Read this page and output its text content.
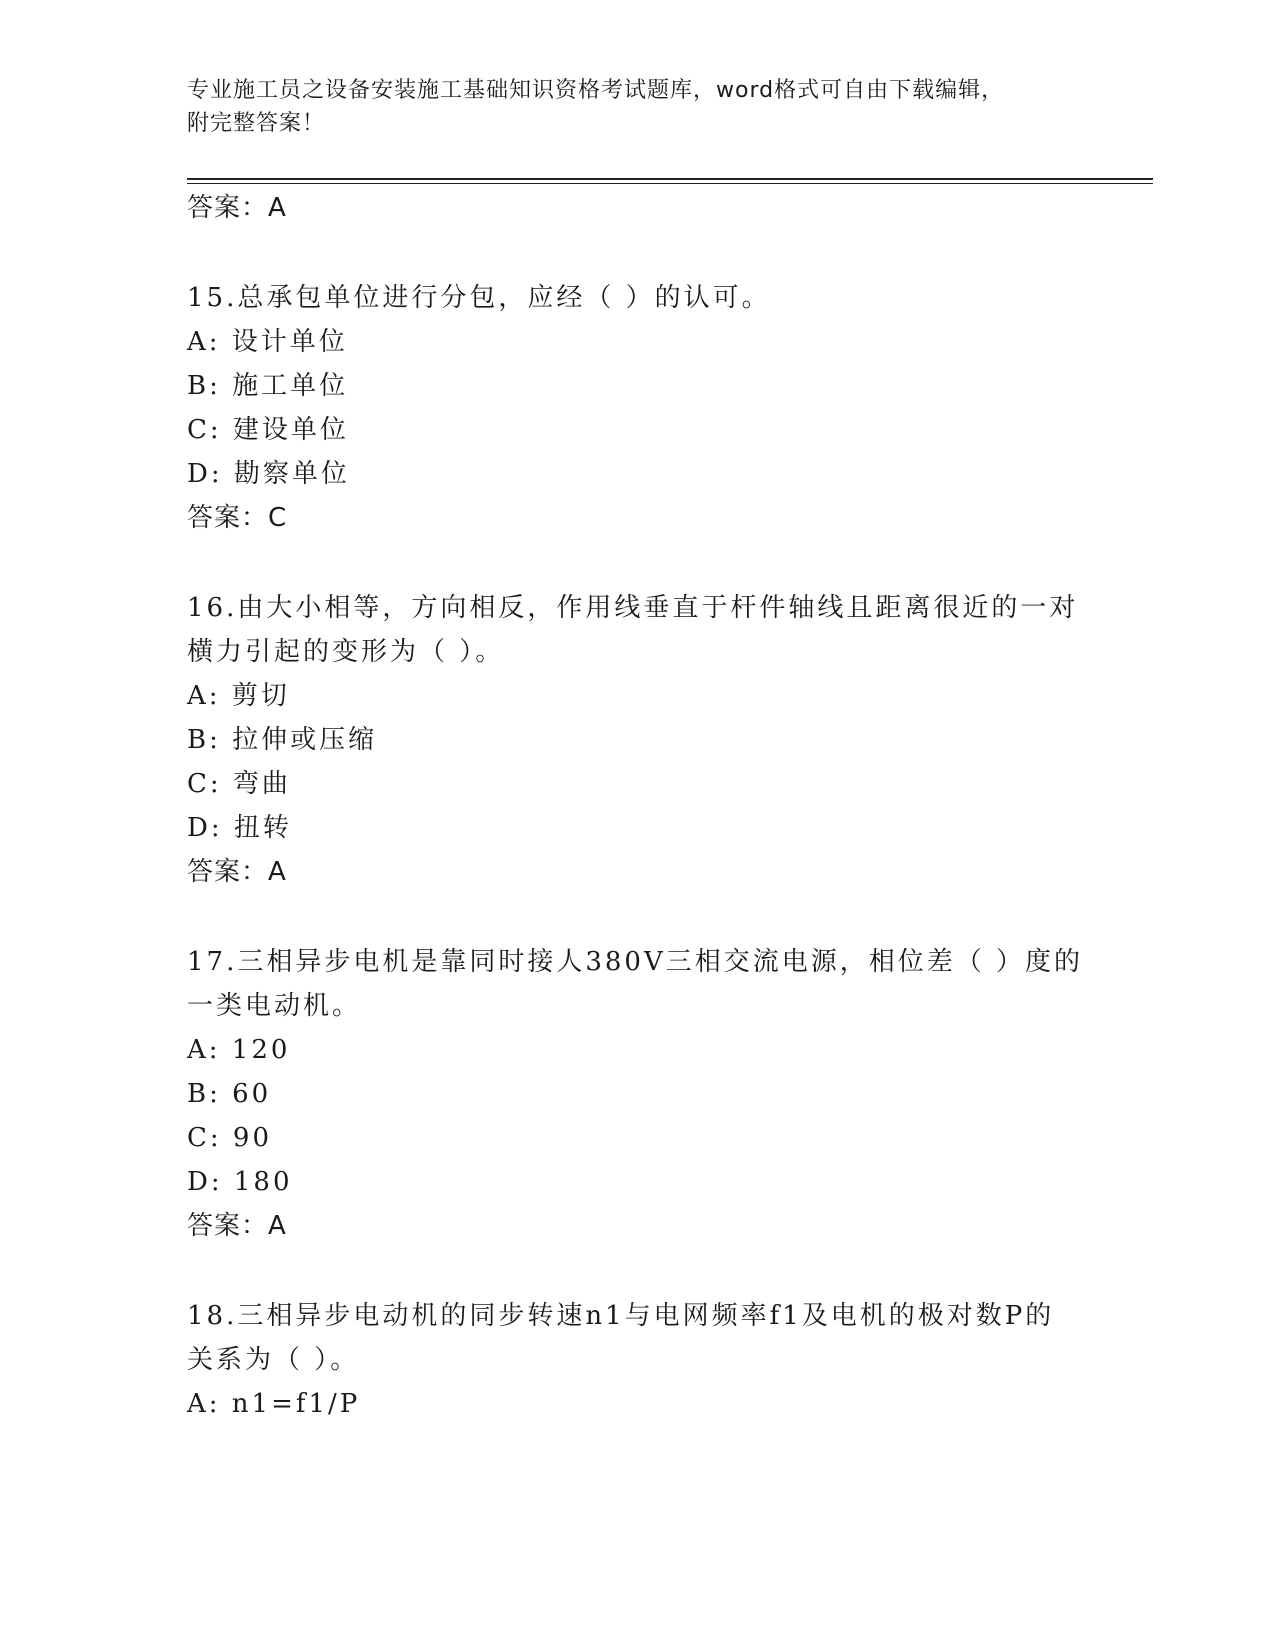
专业施工员之设备安装施工基础知识资格考试题库，word格式可自由下载编辑，
附完整答案！
答案：A
15.总承包单位进行分包，应经（ ）的认可。
A: 设计单位
B: 施工单位
C: 建设单位
D: 勘察单位
答案：C
16.由大小相等，方向相反，作用线垂直于杆件轴线且距离很近的一对
横力引起的变形为（ ）。
A: 剪切
B: 拉伸或压缩
C: 弯曲
D: 扭转
答案：A
17.三相异步电机是靠同时接人380V三相交流电源，相位差（ ）度的
一类电动机。
A: 120
B: 60
C: 90
D: 180
答案：A
18.三相异步电动机的同步转速n1与电网频率f1及电机的极对数P的
关系为（ ）。
A: n1=f1/P
